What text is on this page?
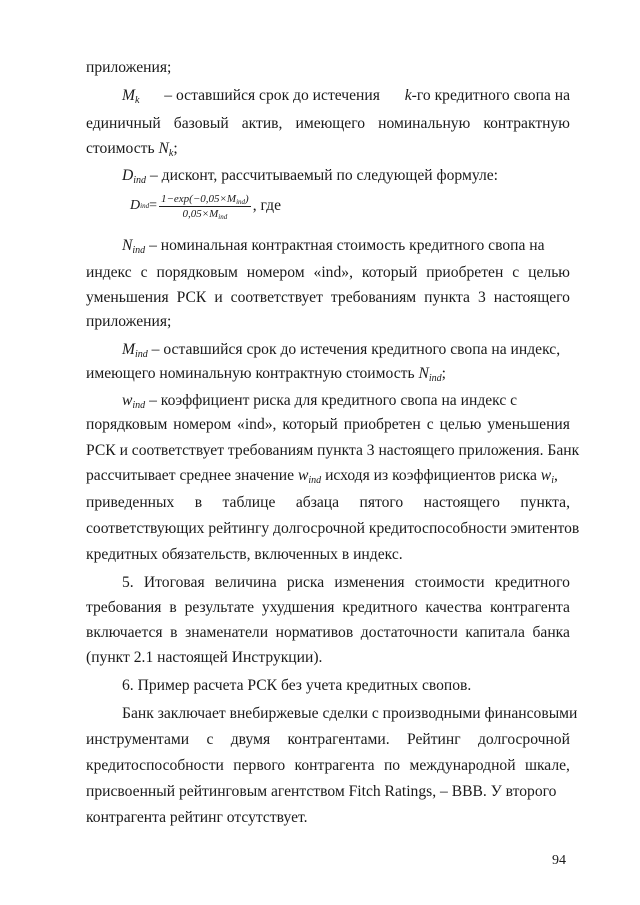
приложения;
$M_k$ – оставшийся срок до истечения k-го кредитного свопа на
единичный базовый актив, имеющего номинальную контрактную
стоимость $N_k$;
$D_{ind}$ – дисконт, рассчитываемый по следующей формуле:
D ind = $\frac{1-\exp(-0,05\times M_{ind})}{0,05\times M_{ind}}$ , где
$N_{ind}$ – номинальная контрактная стоимость кредитного свопа на
индекс с порядковым номером «ind», который приобретен с целью
уменьшения РСК и соответствует требованиям пункта 3 настоящего
приложения;
$M_{ind}$ – оставшийся срок до истечения кредитного свопа на индекс,
имеющего номинальную контрактную стоимость $N_{ind}$;
$w_{ind}$ – коэффициент риска для кредитного свопа на индекс с
порядковым номером «ind», который приобретен с целью уменьшения
РСК и соответствует требованиям пункта 3 настоящего приложения. Банк
рассчитывает среднее значение $w_{ind}$ исходя из коэффициентов риска $w_i$,
приведенных в таблице абзаца пятого настоящего пункта,
соответствующих рейтингу долгосрочной кредитоспособности эмитентов
кредитных обязательств, включенных в индекс.
5. Итоговая величина риска изменения стоимости кредитного
требования в результате ухудшения кредитного качества контрагента
включается в знаменатели нормативов достаточности капитала банка
(пункт 2.1 настоящей Инструкции).
6. Пример расчета РСК без учета кредитных свопов.
Банк заключает внебиржевые сделки с производными финансовыми
инструментами с двумя контрагентами. Рейтинг долгосрочной
кредитоспособности первого контрагента по международной шкале,
присвоенный рейтинговым агентством Fitch Ratings, – BBB. У второго
контрагента рейтинг отсутствует.
94
